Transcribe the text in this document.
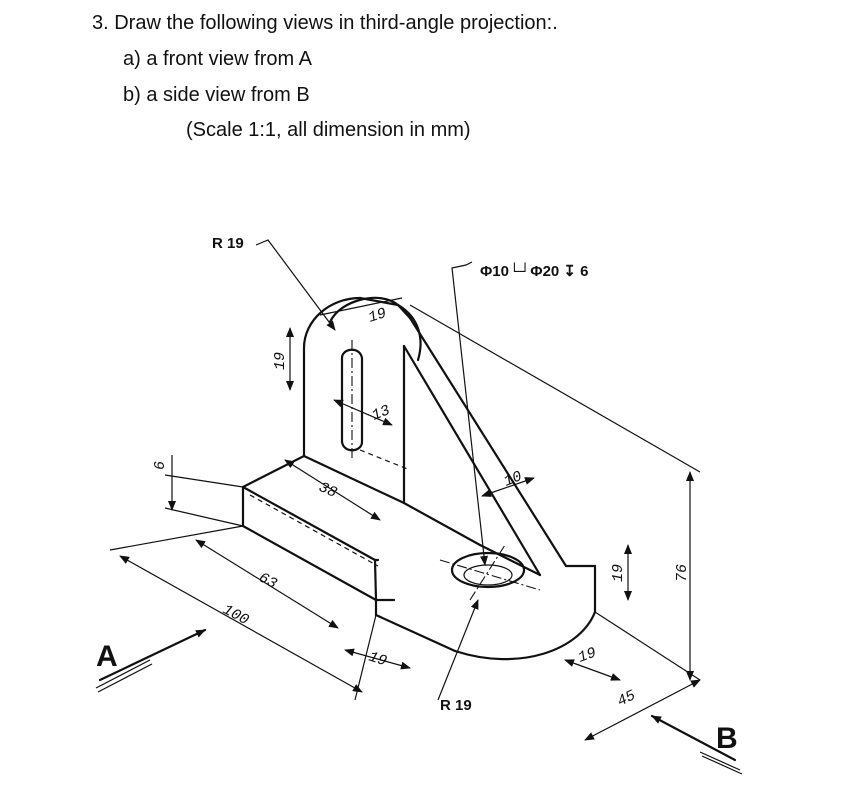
3. Draw the following views in third-angle projection:.
a) a front view from A
b) a side view from B
(Scale 1:1, all dimension in mm)
R 19
Φ10└┘Φ20 ↧ 6
R 19
19
19
13
38	10
6
63
100
19	19
19	76
45
A
B
